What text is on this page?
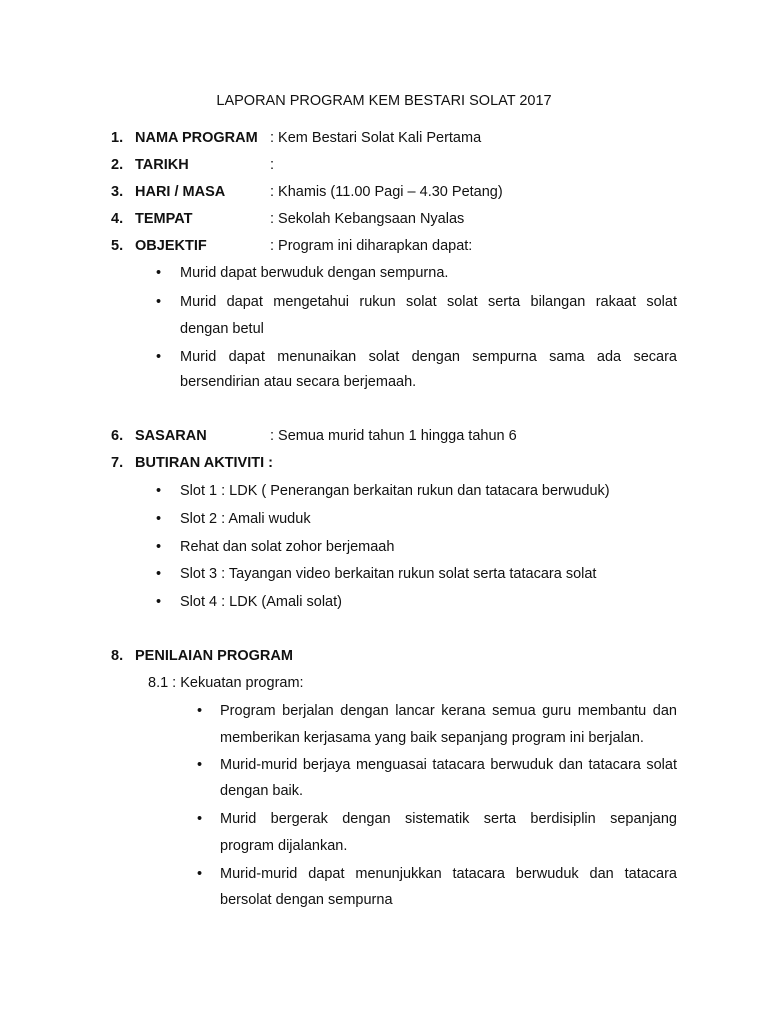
LAPORAN PROGRAM KEM BESTARI SOLAT 2017
1. NAMA PROGRAM : Kem Bestari Solat Kali Pertama
2. TARIKH	:
3. HARI / MASA	: Khamis (11.00 Pagi – 4.30 Petang)
4. TEMPAT	: Sekolah Kebangsaan Nyalas
5. OBJEKTIF	: Program ini diharapkan dapat:
• Murid dapat berwuduk dengan sempurna.
• Murid dapat mengetahui rukun solat solat serta bilangan rakaat solat
dengan betul
• Murid dapat menunaikan solat dengan sempurna sama ada secara
bersendirian atau secara berjemaah.
6. SASARAN	: Semua murid tahun 1 hingga tahun 6
7. BUTIRAN AKTIVITI :
• Slot 1 : LDK ( Penerangan berkaitan rukun dan tatacara berwuduk)
• Slot 2 : Amali wuduk
• Rehat dan solat zohor berjemaah
• Slot 3 : Tayangan video berkaitan rukun solat serta tatacara solat
• Slot 4 : LDK (Amali solat)
8. PENILAIAN PROGRAM
8.1 : Kekuatan program:
• Program berjalan dengan lancar kerana semua guru membantu dan
memberikan kerjasama yang baik sepanjang program ini berjalan.
• Murid-murid berjaya menguasai tatacara berwuduk dan tatacara solat
dengan baik.
• Murid bergerak dengan sistematik serta berdisiplin sepanjang
program dijalankan.
• Murid-murid dapat menunjukkan tatacara berwuduk dan tatacara
bersolat dengan sempurna
